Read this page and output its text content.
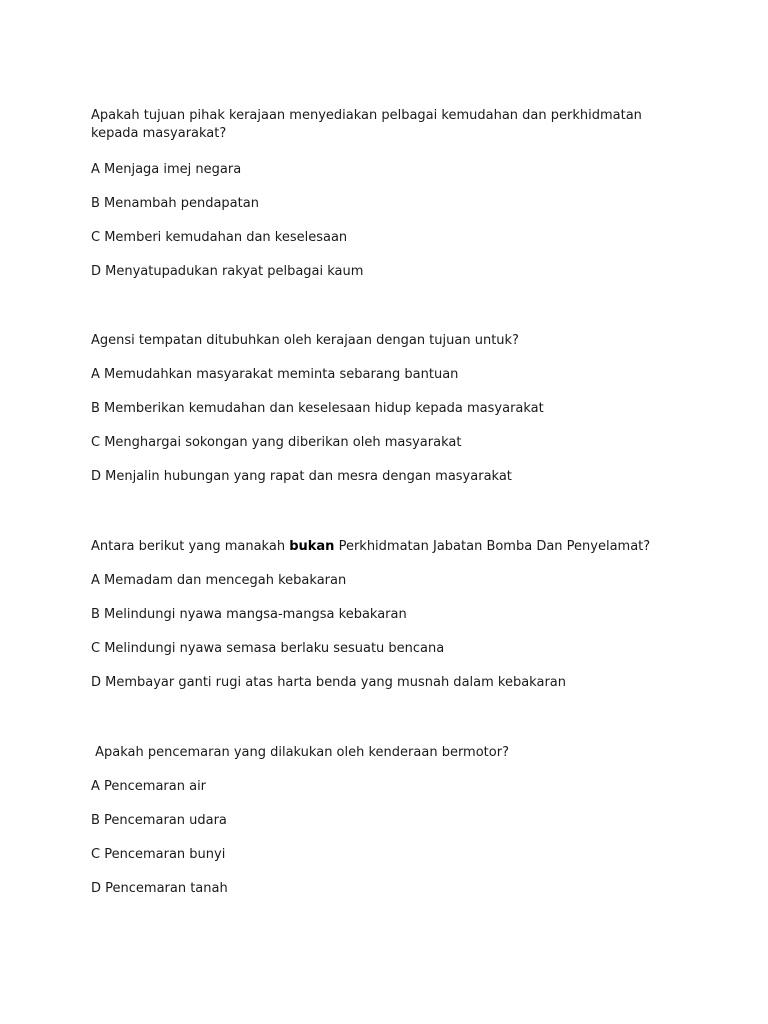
Apakah tujuan pihak kerajaan menyediakan pelbagai kemudahan dan perkhidmatan kepada masyarakat?

A Menjaga imej negara

B Menambah pendapatan

C Memberi kemudahan dan keselesaan

D Menyatupadukan rakyat pelbagai kaum

Agensi tempatan ditubuhkan oleh kerajaan dengan tujuan untuk?

A Memudahkan masyarakat meminta sebarang bantuan

B Memberikan kemudahan dan keselesaan hidup kepada masyarakat

C Menghargai sokongan yang diberikan oleh masyarakat

D Menjalin hubungan yang rapat dan mesra dengan masyarakat

Antara berikut yang manakah bukan Perkhidmatan Jabatan Bomba Dan Penyelamat?

A Memadam dan mencegah kebakaran

B Melindungi nyawa mangsa-mangsa kebakaran

C Melindungi nyawa semasa berlaku sesuatu bencana

D Membayar ganti rugi atas harta benda yang musnah dalam kebakaran

Apakah pencemaran yang dilakukan oleh kenderaan bermotor?

A Pencemaran air

B Pencemaran udara

C Pencemaran bunyi

D Pencemaran tanah
